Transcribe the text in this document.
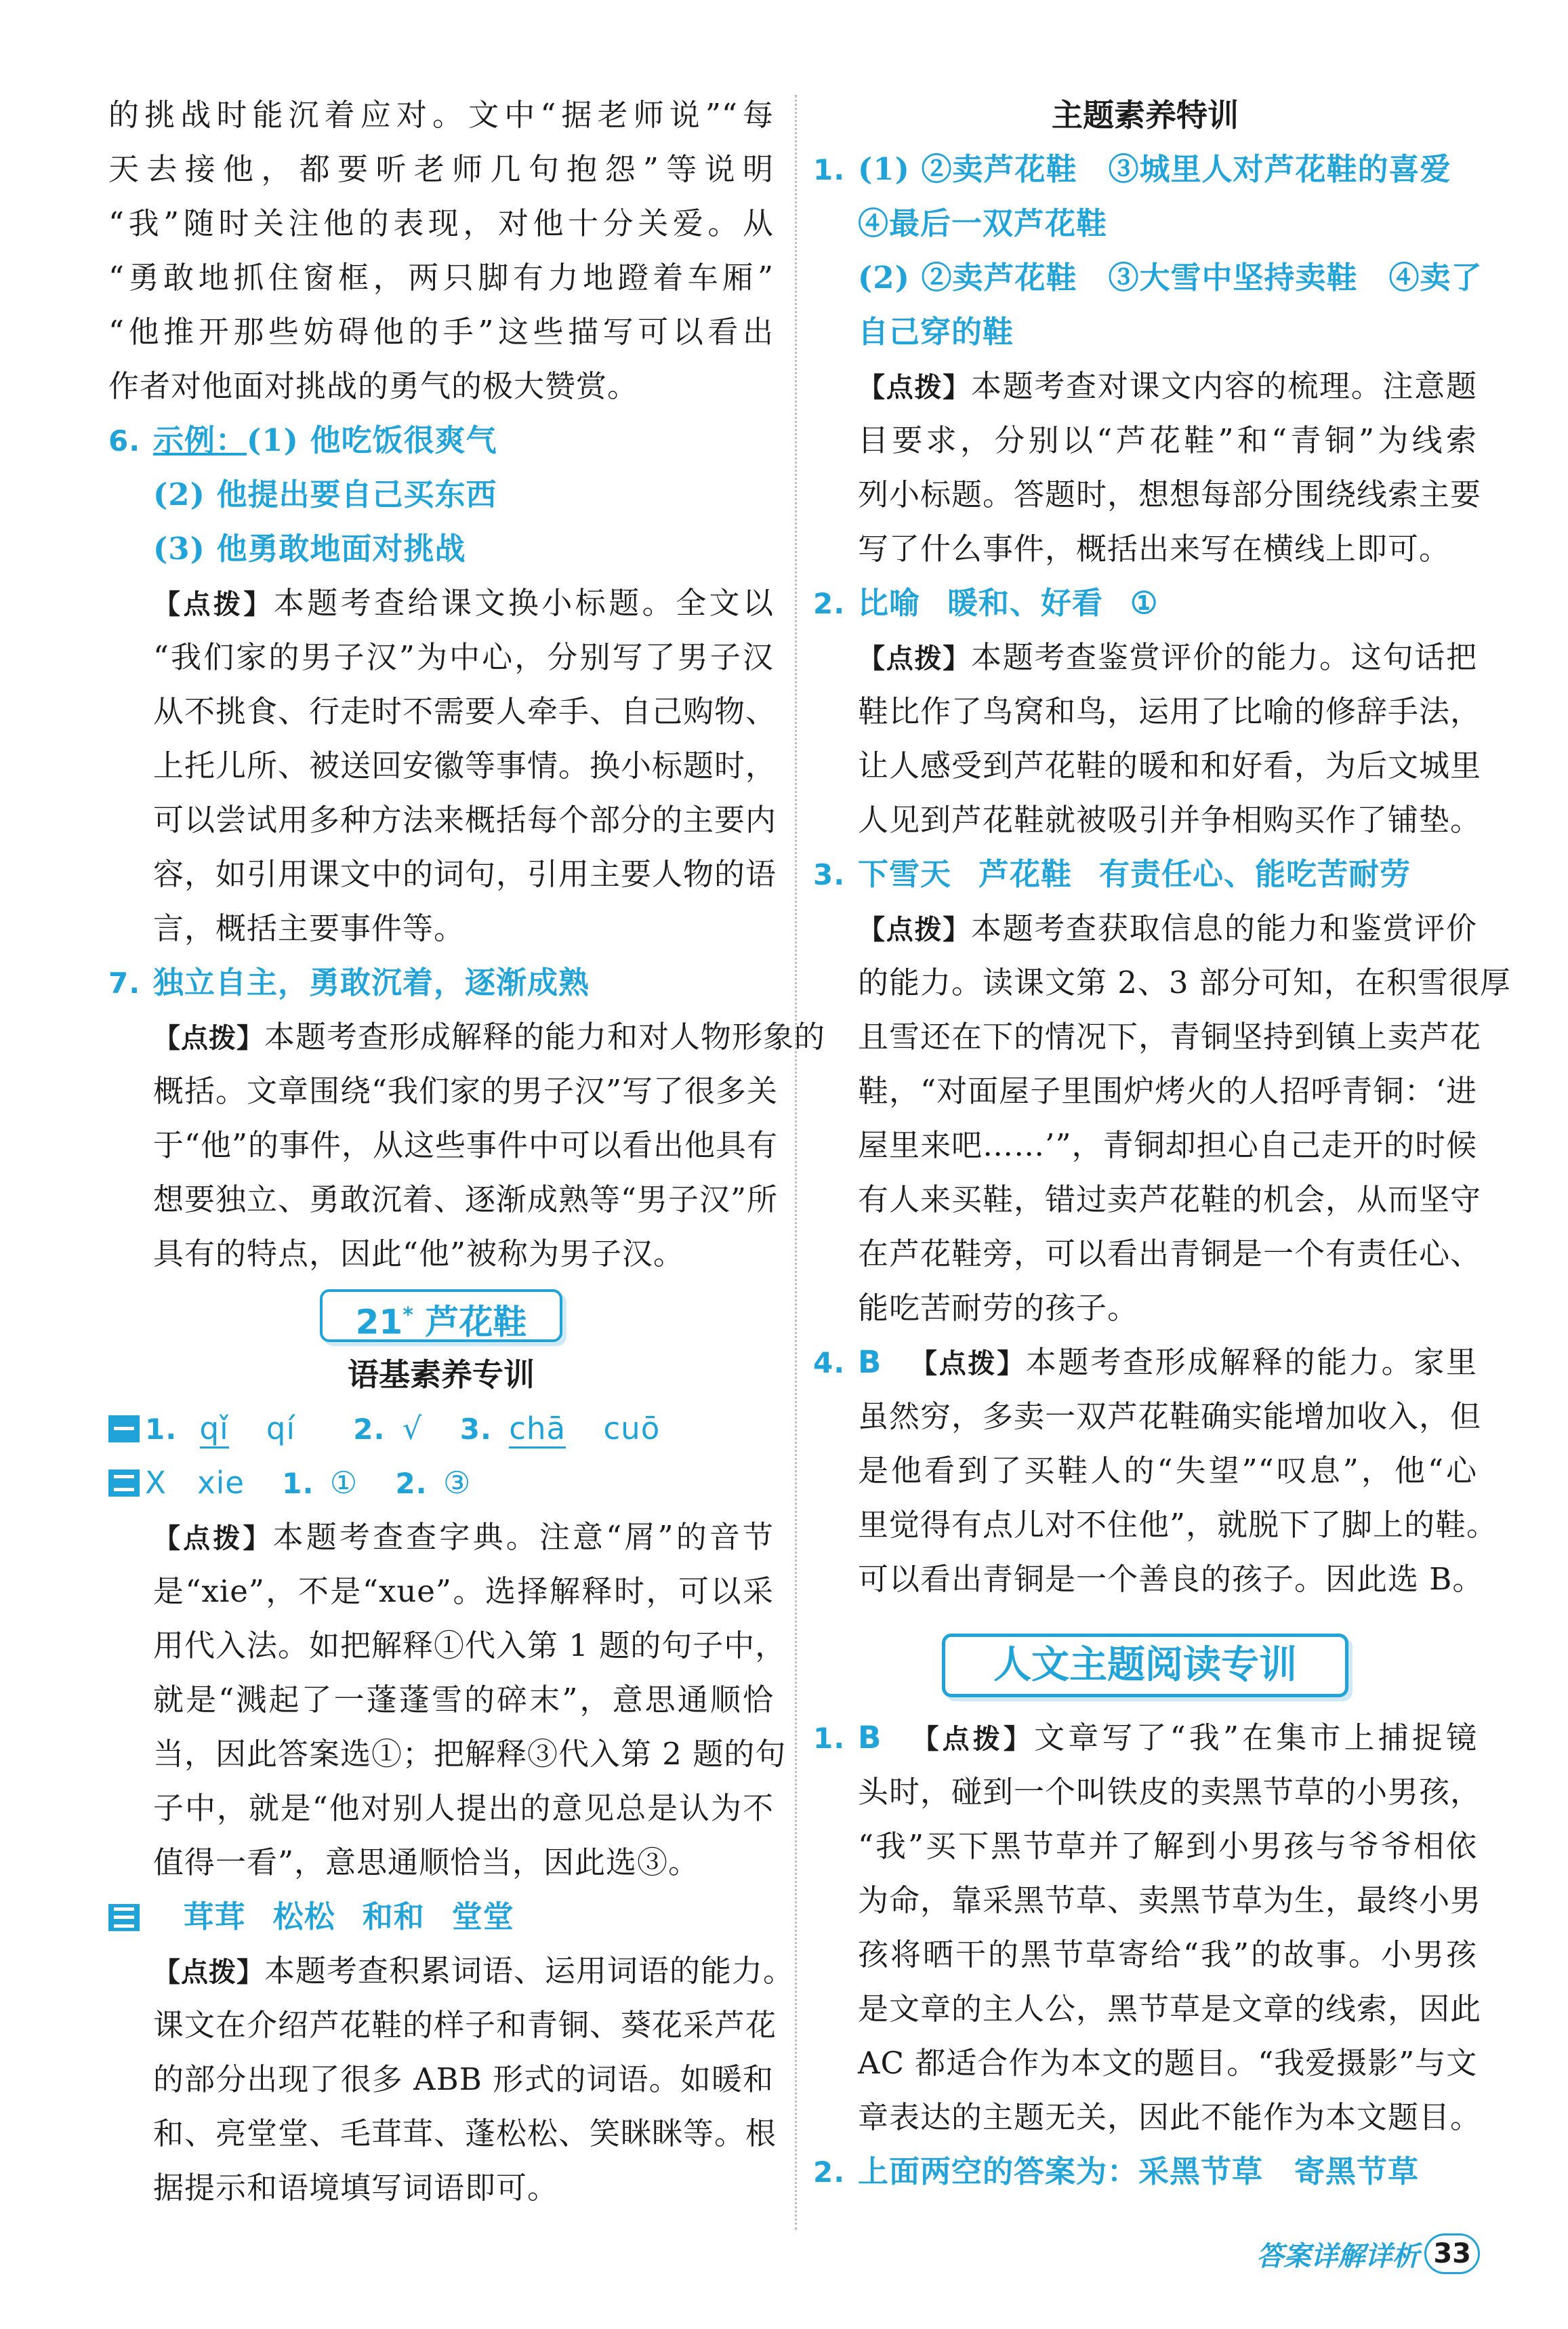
的挑战时能沉着应对。文中“据老师说”“每
天去接他，都要听老师几句抱怨”等说明
“我”随时关注他的表现，对他十分关爱。从
“勇敢地抓住窗框，两只脚有力地蹬着车厢”
“他推开那些妨碍他的手”这些描写可以看出
作者对他面对挑战的勇气的极大赞赏。
6. 示例：(1) 他吃饭很爽气
(2) 他提出要自己买东西
(3) 他勇敢地面对挑战
【点拨】本题考查给课文换小标题。全文以
“我们家的男子汉”为中心，分别写了男子汉
从不挑食、行走时不需要人牵手、自己购物、
上托儿所、被送回安徽等事情。换小标题时，
可以尝试用多种方法来概括每个部分的主要内
容，如引用课文中的词句，引用主要人物的语
言，概括主要事件等。
7. 独立自主，勇敢沉着，逐渐成熟
【点拨】本题考查形成解释的能力和对人物形象的
概括。文章围绕“我们家的男子汉”写了很多关
于“他”的事件，从这些事件中可以看出他具有
想要独立、勇敢沉着、逐渐成熟等“男子汉”所
具有的特点，因此“他”被称为男子汉。
21* 芦花鞋
语基素养专训
1. qǐ qí 2. √ 3. chā cuō
X xie 1. ① 2. ③
【点拨】本题考查查字典。注意“屑”的音节
是“xie”，不是“xue”。选择解释时，可以采
用代入法。如把解释①代入第 1 题的句子中，
就是“溅起了一蓬蓬雪的碎末”，意思通顺恰
当，因此答案选①；把解释③代入第 2 题的句
子中，就是“他对别人提出的意见总是认为不
值得一看”，意思通顺恰当，因此选③。
茸茸 松松 和和 堂堂
【点拨】本题考查积累词语、运用词语的能力。
课文在介绍芦花鞋的样子和青铜、葵花采芦花
的部分出现了很多 ABB 形式的词语。如暖和
和、亮堂堂、毛茸茸、蓬松松、笑眯眯等。根
据提示和语境填写词语即可。
主题素养特训
1. (1) ②卖芦花鞋　③城里人对芦花鞋的喜爱
④最后一双芦花鞋
(2) ②卖芦花鞋　③大雪中坚持卖鞋　④卖了
自己穿的鞋
【点拨】本题考查对课文内容的梳理。注意题
目要求，分别以“芦花鞋”和“青铜”为线索
列小标题。答题时，想想每部分围绕线索主要
写了什么事件，概括出来写在横线上即可。
2. 比喻 暖和、好看 ①
【点拨】本题考查鉴赏评价的能力。这句话把
鞋比作了鸟窝和鸟，运用了比喻的修辞手法，
让人感受到芦花鞋的暖和和好看，为后文城里
人见到芦花鞋就被吸引并争相购买作了铺垫。
3. 下雪天 芦花鞋 有责任心、能吃苦耐劳
【点拨】本题考查获取信息的能力和鉴赏评价
的能力。读课文第 2、3 部分可知，在积雪很厚
且雪还在下的情况下，青铜坚持到镇上卖芦花
鞋，“对面屋子里围炉烤火的人招呼青铜：‘进
屋里来吧……’”，青铜却担心自己走开的时候
有人来买鞋，错过卖芦花鞋的机会，从而坚守
在芦花鞋旁，可以看出青铜是一个有责任心、
能吃苦耐劳的孩子。
4. B 【点拨】本题考查形成解释的能力。家里
虽然穷，多卖一双芦花鞋确实能增加收入，但
是他看到了买鞋人的“失望”“叹息”，他“心
里觉得有点儿对不住他”，就脱下了脚上的鞋。
可以看出青铜是一个善良的孩子。因此选 B。
人文主题阅读专训
1. B 【点拨】文章写了“我”在集市上捕捉镜
头时，碰到一个叫铁皮的卖黑节草的小男孩，
“我”买下黑节草并了解到小男孩与爷爷相依
为命，靠采黑节草、卖黑节草为生，最终小男
孩将晒干的黑节草寄给“我”的故事。小男孩
是文章的主人公，黑节草是文章的线索，因此
AC 都适合作为本文的题目。“我爱摄影”与文
章表达的主题无关，因此不能作为本文题目。
2. 上面两空的答案为：采黑节草　寄黑节草
答案详解详析 33
